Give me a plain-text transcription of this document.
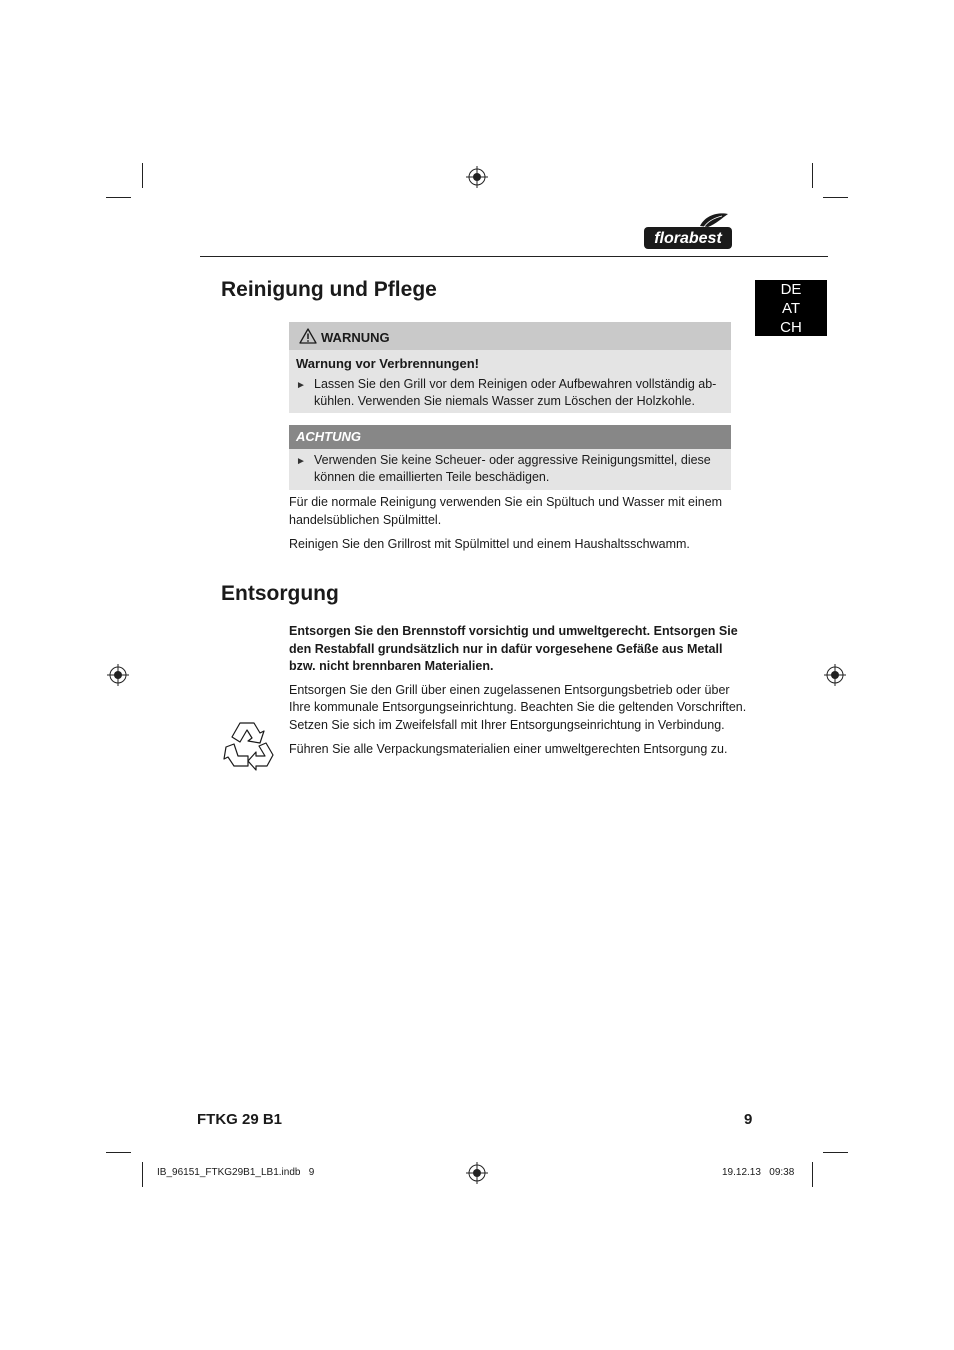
florabest
DE
AT
CH
Reinigung und Pflege
WARNUNG
Warnung vor Verbrennungen!
► Lassen Sie den Grill vor dem Reinigen oder Aufbewahren vollständig ab-
kühlen. Verwenden Sie niemals Wasser zum Löschen der Holzkohle.
ACHTUNG
► Verwenden Sie keine Scheuer- oder aggressive Reinigungsmittel, diese
können die emaillierten Teile beschädigen.
Für die normale Reinigung verwenden Sie ein Spültuch und Wasser mit einem
handelsüblichen Spülmittel.
Reinigen Sie den Grillrost mit Spülmittel und einem Haushaltsschwamm.
Entsorgung
Entsorgen Sie den Brennstoff vorsichtig und umweltgerecht. Entsorgen Sie
den Restabfall grundsätzlich nur in dafür vorgesehene Gefäße aus Metall
bzw. nicht brennbaren Materialien.
Entsorgen Sie den Grill über einen zugelassenen Entsorgungsbetrieb oder über
Ihre kommunale Entsorgungseinrichtung. Beachten Sie die geltenden Vorschriften.
Setzen Sie sich im Zweifelsfall mit Ihrer Entsorgungseinrichtung in Verbindung.
Führen Sie alle Verpackungsmaterialien einer umweltgerechten Entsorgung zu.
FTKG 29 B1	9
IB_96151_FTKG29B1_LB1.indb   9	19.12.13   09:38
